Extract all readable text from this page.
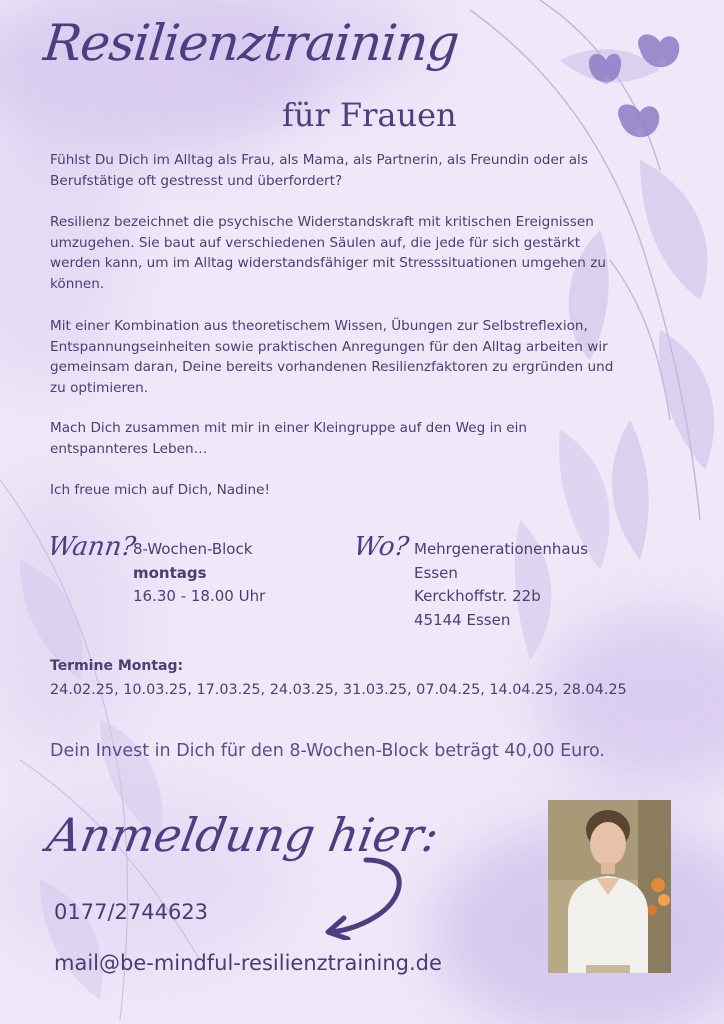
Resilienztraining
für Frauen

Fühlst Du Dich im Alltag als Frau, als Mama, als Partnerin, als Freundin oder als Berufstätige oft gestresst und überfordert?

Resilienz bezeichnet die psychische Widerstandskraft mit kritischen Ereignissen umzugehen. Sie baut auf verschiedenen Säulen auf, die jede für sich gestärkt werden kann, um im Alltag widerstandsfähiger mit Stresssituationen umgehen zu können.

Mit einer Kombination aus theoretischem Wissen, Übungen zur Selbstreflexion, Entspannungseinheiten sowie praktischen Anregungen für den Alltag arbeiten wir gemeinsam daran, Deine bereits vorhandenen Resilienzfaktoren zu ergründen und zu optimieren.

Mach Dich zusammen mit mir in einer Kleingruppe auf den Weg in ein entspannteres Leben…

Ich freue mich auf Dich, Nadine!

Wann?
8-Wochen-Block
montags
16.30 - 18.00 Uhr
Wo? Mehrgenerationenhaus
Essen
Kerckhoffstr. 22b
45144 Essen
Termine Montag:
24.02.25, 10.03.25, 17.03.25, 24.03.25, 31.03.25, 07.04.25, 14.04.25, 28.04.25
Dein Invest in Dich für den 8-Wochen-Block beträgt 40,00 Euro.
Anmeldung hier:
0177/2744623
mail@be-mindful-resilienztraining.de
